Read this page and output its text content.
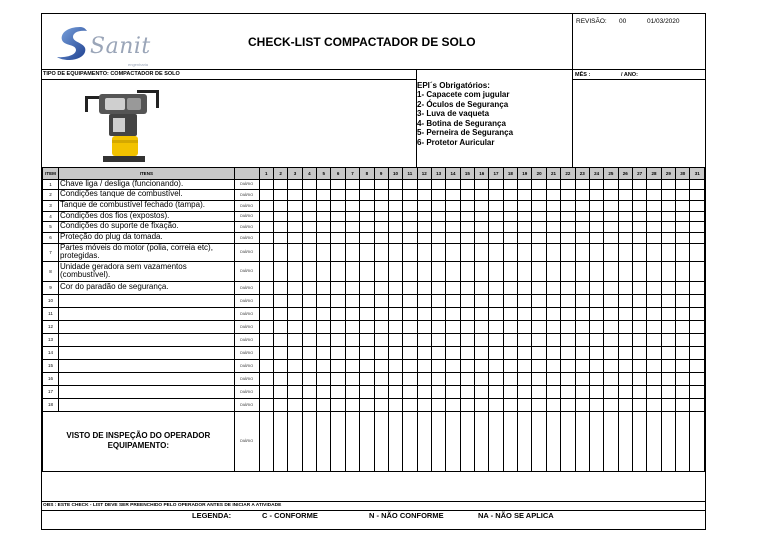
Sanit
engenharia
CHECK-LIST COMPACTADOR DE SOLO
REVISÃO: 00	01/03/2020
TIPO DE EQUIPAMENTO: COMPACTADOR DE SOLO	MÊS :	/ ANO:
EPI´s Obrigatórios:
1- Capacete com jugular
2- Óculos de Segurança
3- Luva de vaqueta
4- Botina de Segurança
5- Perneira de Segurança
6- Protetor Auricular
ITEM	ITENS		1	2	3	4	5	6	7	8	9	10	11	12	13	14	15	16	17	18	19	20	21	22	23	24	25	26	27	28	29	30	31
1	Chave liga / desliga (funcionando).	DIÁRIO																															
2	Condições tanque de combustível.	DIÁRIO																															
3	Tanque de combustível fechado (tampa).	DIÁRIO																															
4	Condições dos fios (expostos).	DIÁRIO																															
5	Condições do suporte de fixação.	DIÁRIO																															
6	Proteção do plug da tomada.	DIÁRIO																															
7	Partes móveis do motor (polia, correia etc), protegidas.	DIÁRIO																															
8	Unidade geradora sem vazamentos (combustível).	DIÁRIO																															
9	Cor do paradão de segurança.	DIÁRIO																															
10		DIÁRIO																															
11		DIÁRIO																															
12		DIÁRIO																															
13		DIÁRIO																															
14		DIÁRIO																															
15		DIÁRIO																															
16		DIÁRIO																															
17		DIÁRIO																															
18		DIÁRIO																															
VISTO DE INSPEÇÃO DO OPERADOR EQUIPAMENTO:		DIÁRIO																															
OBS : ESTE CHECK - LIST DEVE SER PREENCHIDO PELO OPERADOR ANTES DE INICIAR A ATIVIDADE
LEGENDA:	C - CONFORME	N - NÃO CONFORME	NA - NÃO SE APLICA
